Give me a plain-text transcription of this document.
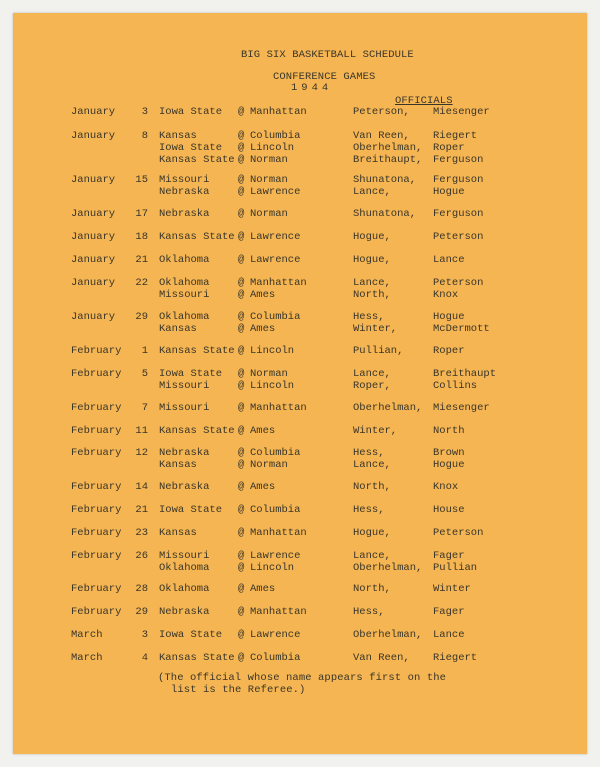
BIG SIX BASKETBALL SCHEDULE
CONFERENCE GAMES
1944
OFFICIALS
January	3 Iowa State @ Manhattan	Peterson, Miesenger
January	8 Kansas	@ Columbia	Van Reen, Riegert
Iowa State @ Lincoln	Oberhelman, Roper
Kansas State @ Norman	Breithaupt, Ferguson
January	15 Missouri	@ Norman	Shunatona, Ferguson
Nebraska	@ Lawrence	Lance,	Hogue
January	17 Nebraska	@ Norman	Shunatona, Ferguson
January	18 Kansas State @ Lawrence	Hogue,	Peterson
January	21 Oklahoma	@ Lawrence	Hogue,	Lance
January	22 Oklahoma	@ Manhattan	Lance,	Peterson
Missouri	@ Ames	North,	Knox
January	29 Oklahoma	@ Columbia	Hess,	Hogue
Kansas	@ Ames	Winter,	McDermott
February	1 Kansas State @ Lincoln	Pullian,	Roper
February	5 Iowa State @ Norman	Lance,	Breithaupt
Missouri	@ Lincoln	Roper,	Collins
February	7 Missouri	@ Manhattan	Oberhelman, Miesenger
February	11 Kansas State @ Ames	Winter,	North
February	12 Nebraska	@ Columbia	Hess,	Brown
Kansas	@ Norman	Lance,	Hogue
February	14 Nebraska	@ Ames	North,	Knox
February	21 Iowa State @ Columbia	Hess,	House
February	23 Kansas	@ Manhattan	Hogue,	Peterson
February	26 Missouri	@ Lawrence	Lance,	Fager
Oklahoma	@ Lincoln	Oberhelman, Pullian
February	28 Oklahoma	@ Ames	North,	Winter
February	29 Nebraska	@ Manhattan	Hess,	Fager
March	3 Iowa State @ Lawrence	Oberhelman, Lance
March	4 Kansas State @ Columbia	Van Reen, Riegert
(The official whose name appears first on the
list is the Referee.)
